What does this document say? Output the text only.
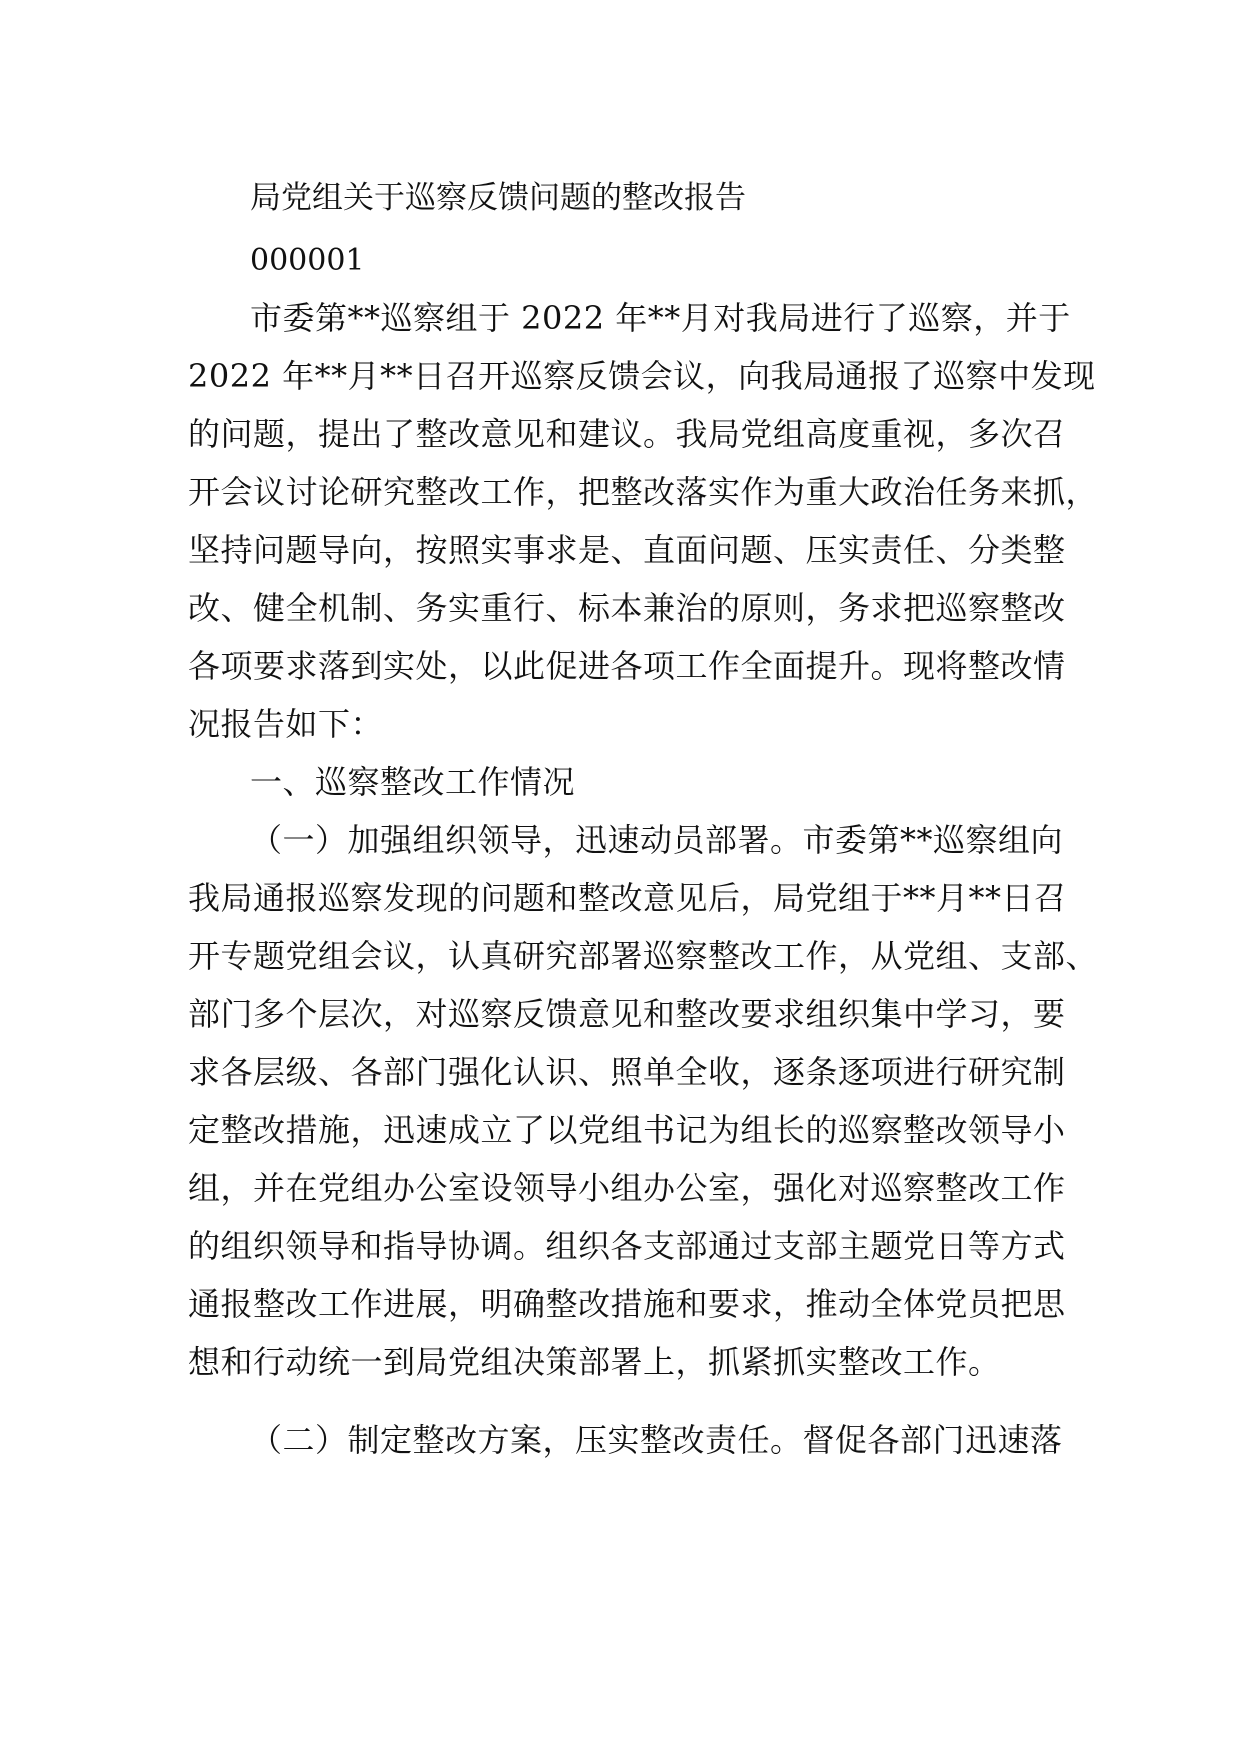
局党组关于巡察反馈问题的整改报告
000001
市委第**巡察组于 2022 年**月对我局进行了巡察，并于
2022 年**月**日召开巡察反馈会议，向我局通报了巡察中发现
的问题，提出了整改意见和建议。我局党组高度重视，多次召
开会议讨论研究整改工作，把整改落实作为重大政治任务来抓，
坚持问题导向，按照实事求是、直面问题、压实责任、分类整
改、健全机制、务实重行、标本兼治的原则，务求把巡察整改
各项要求落到实处，以此促进各项工作全面提升。现将整改情
况报告如下：
一、巡察整改工作情况
（一）加强组织领导，迅速动员部署。市委第**巡察组向
我局通报巡察发现的问题和整改意见后，局党组于**月**日召
开专题党组会议，认真研究部署巡察整改工作，从党组、支部、
部门多个层次，对巡察反馈意见和整改要求组织集中学习，要
求各层级、各部门强化认识、照单全收，逐条逐项进行研究制
定整改措施，迅速成立了以党组书记为组长的巡察整改领导小
组，并在党组办公室设领导小组办公室，强化对巡察整改工作
的组织领导和指导协调。组织各支部通过支部主题党日等方式
通报整改工作进展，明确整改措施和要求，推动全体党员把思
想和行动统一到局党组决策部署上，抓紧抓实整改工作。
（二）制定整改方案，压实整改责任。督促各部门迅速落
